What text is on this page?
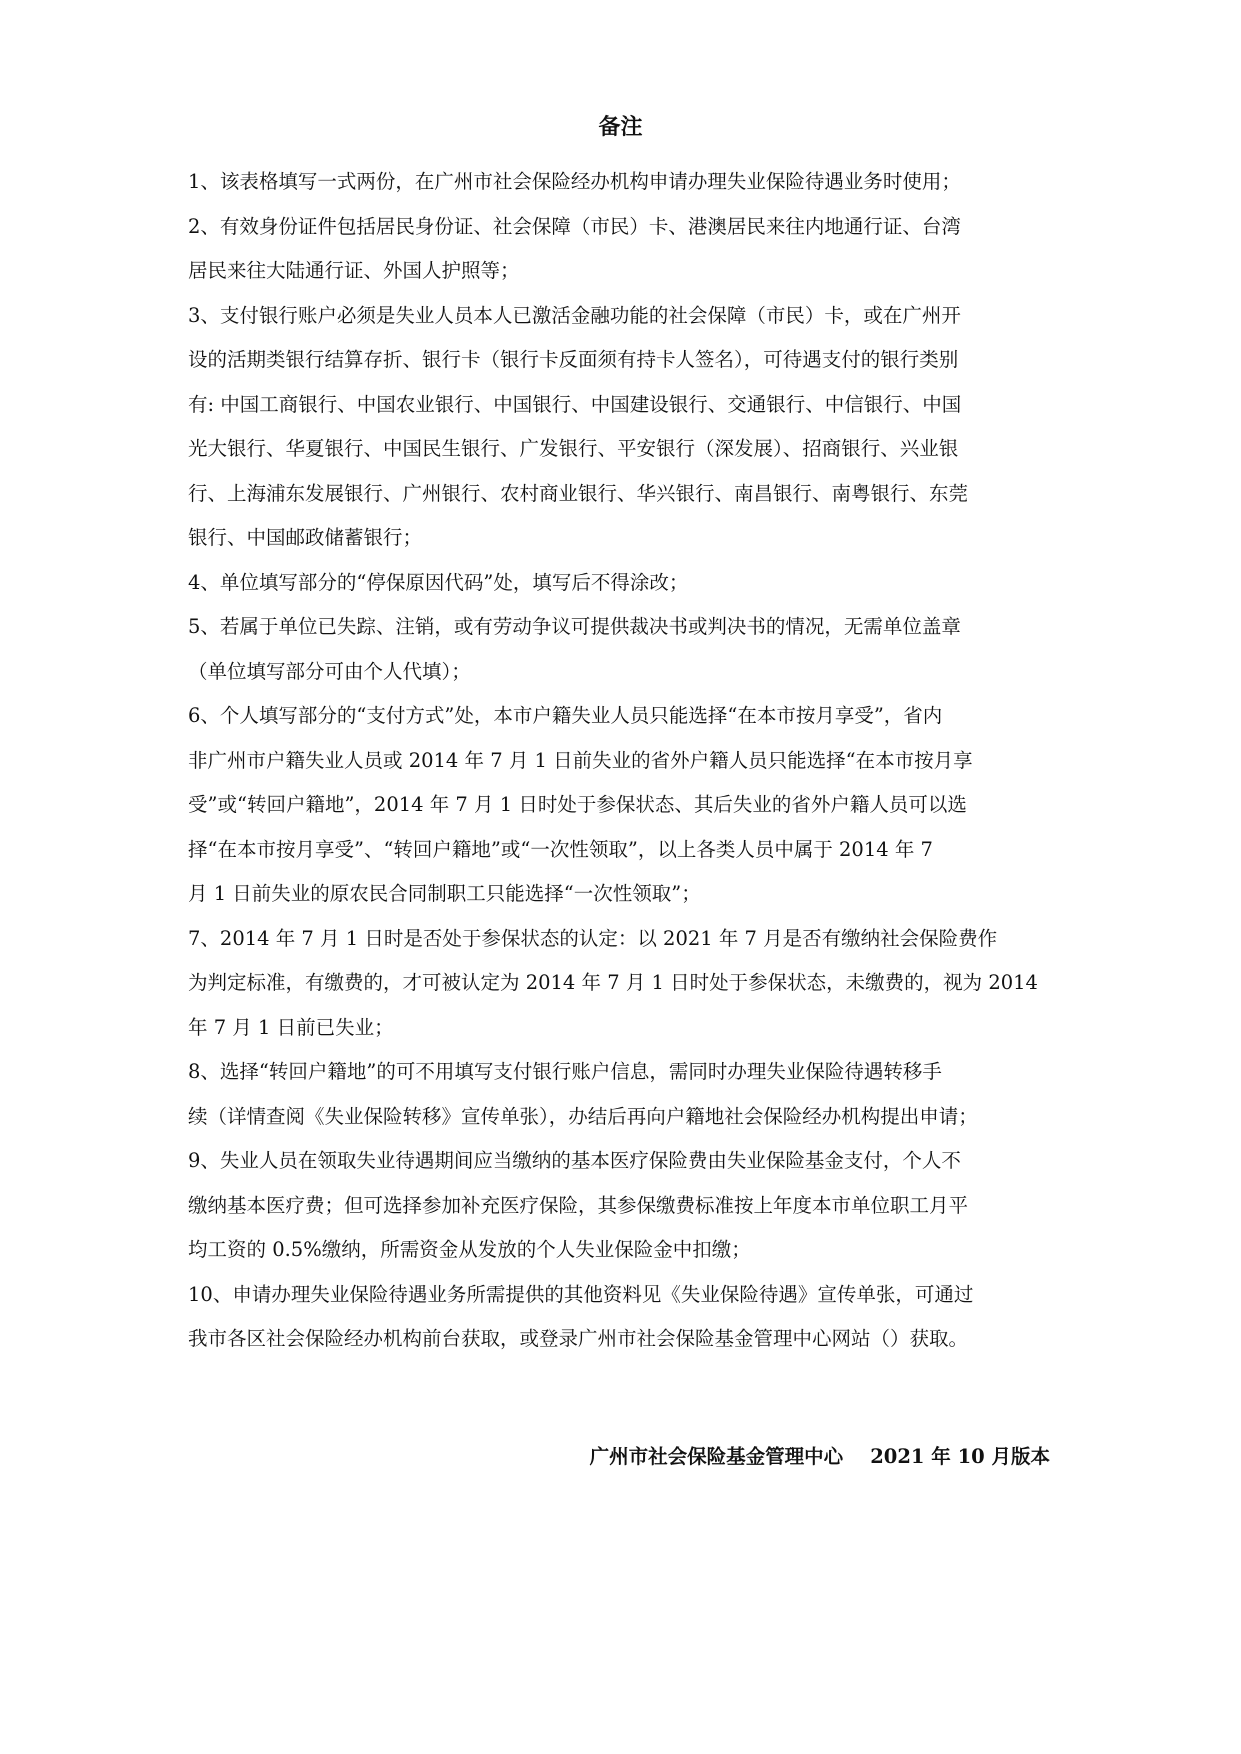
备注
1、该表格填写一式两份，在广州市社会保险经办机构申请办理失业保险待遇业务时使用；
2、有效身份证件包括居民身份证、社会保障（市民）卡、港澳居民来往内地通行证、台湾
居民来往大陆通行证、外国人护照等；
3、支付银行账户必须是失业人员本人已激活金融功能的社会保障（市民）卡，或在广州开
设的活期类银行结算存折、银行卡（银行卡反面须有持卡人签名），可待遇支付的银行类别
有: 中国工商银行、中国农业银行、中国银行、中国建设银行、交通银行、中信银行、中国
光大银行、华夏银行、中国民生银行、广发银行、平安银行（深发展）、招商银行、兴业银
行、上海浦东发展银行、广州银行、农村商业银行、华兴银行、南昌银行、南粤银行、东莞
银行、中国邮政储蓄银行；
4、单位填写部分的“停保原因代码”处，填写后不得涂改；
5、若属于单位已失踪、注销，或有劳动争议可提供裁决书或判决书的情况，无需单位盖章
（单位填写部分可由个人代填）；
6、个人填写部分的“支付方式”处，本市户籍失业人员只能选择“在本市按月享受”，省内
非广州市户籍失业人员或 2014 年 7 月 1 日前失业的省外户籍人员只能选择“在本市按月享
受”或“转回户籍地”，2014 年 7 月 1 日时处于参保状态、其后失业的省外户籍人员可以选
择“在本市按月享受”、“转回户籍地”或“一次性领取”，以上各类人员中属于 2014 年 7
月 1 日前失业的原农民合同制职工只能选择“一次性领取”；
7、2014 年 7 月 1 日时是否处于参保状态的认定：以 2021 年 7 月是否有缴纳社会保险费作
为判定标准，有缴费的，才可被认定为 2014 年 7 月 1 日时处于参保状态，未缴费的，视为 2014
年 7 月 1 日前已失业；
8、选择“转回户籍地”的可不用填写支付银行账户信息，需同时办理失业保险待遇转移手
续（详情查阅《失业保险转移》宣传单张），办结后再向户籍地社会保险经办机构提出申请；
9、失业人员在领取失业待遇期间应当缴纳的基本医疗保险费由失业保险基金支付，个人不
缴纳基本医疗费；但可选择参加补充医疗保险，其参保缴费标准按上年度本市单位职工月平
均工资的 0.5%缴纳，所需资金从发放的个人失业保险金中扣缴；
10、申请办理失业保险待遇业务所需提供的其他资料见《失业保险待遇》宣传单张，可通过
我市各区社会保险经办机构前台获取，或登录广州市社会保险基金管理中心网站（）获取。
广州市社会保险基金管理中心    2021 年 10 月版本
